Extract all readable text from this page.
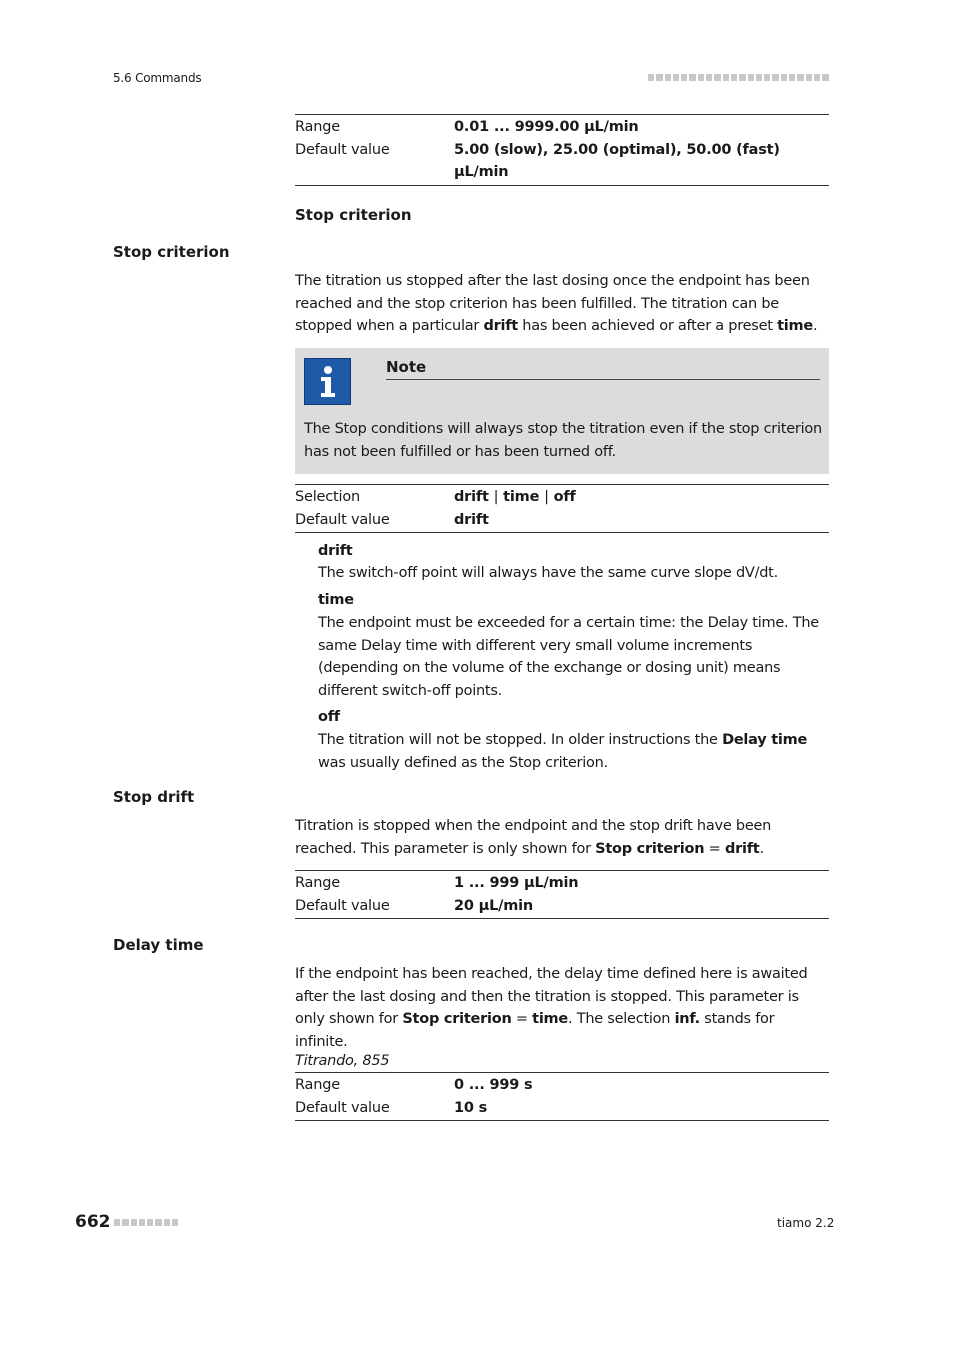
5.6 Commands
Range	0.01 ... 9999.00 µL/min
Default value	5.00 (slow), 25.00 (optimal), 50.00 (fast) µL/min
Stop criterion
Stop criterion
The titration us stopped after the last dosing once the endpoint has been reached and the stop criterion has been fulfilled. The titration can be stopped when a particular drift has been achieved or after a preset time.
Note
The Stop conditions will always stop the titration even if the stop criterion has not been fulfilled or has been turned off.
Selection	drift | time | off
Default value	drift
drift
The switch-off point will always have the same curve slope dV/dt.
time
The endpoint must be exceeded for a certain time: the Delay time. The same Delay time with different very small volume increments (depending on the volume of the exchange or dosing unit) means different switch-off points.
off
The titration will not be stopped. In older instructions the Delay time was usually defined as the Stop criterion.
Stop drift
Titration is stopped when the endpoint and the stop drift have been reached. This parameter is only shown for Stop criterion = drift.
Range	1 ... 999 µL/min
Default value	20 µL/min
Delay time
If the endpoint has been reached, the delay time defined here is awaited after the last dosing and then the titration is stopped. This parameter is only shown for Stop criterion = time. The selection inf. stands for infinite.
Titrando, 855
Range	0 ... 999 s
Default value	10 s
662	tiamo 2.2
